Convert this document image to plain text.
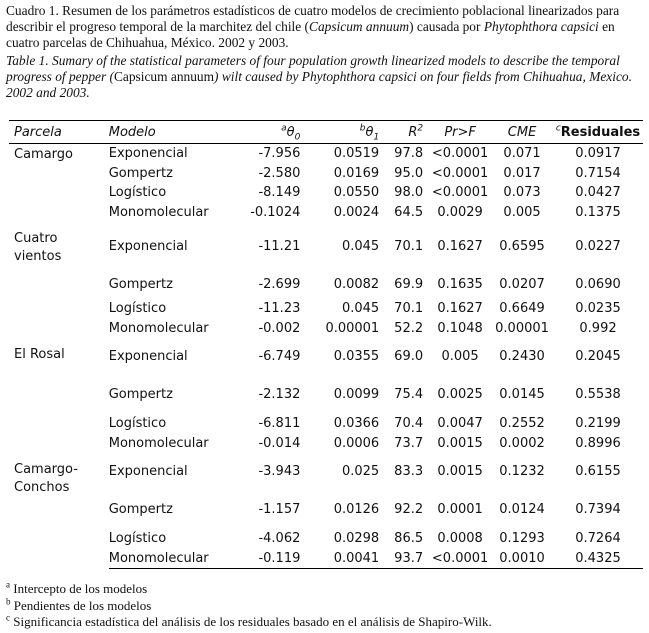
Cuadro 1. Resumen de los parámetros estadísticos de cuatro modelos de crecimiento poblacional linearizados para describir el progreso temporal de la marchitez del chile (Capsicum annuum) causada por Phytophthora capsici en cuatro parcelas de Chihuahua, México. 2002 y 2003.
Table 1. Sumary of the statistical parameters of four population growth linearized models to describe the temporal progress of pepper (Capsicum annuum) wilt caused by Phytophthora capsici on four fields from Chihuahua, Mexico. 2002 and 2003.
Parcela	Modelo	$^a\theta_0$	$^b\theta_1$	$R^2$	Pr>F	CME	$^c$Residuales
Camargo	Exponencial	-7.956	0.0519	97.8	<0.0001	0.071	0.0917
	Gompertz	-2.580	0.0169	95.0	<0.0001	0.017	0.7154
	Logístico	-8.149	0.0550	98.0	<0.0001	0.073	0.0427
	Monomolecular	-0.1024	0.0024	64.5	0.0029	0.005	0.1375
Cuatro vientos	Exponencial	-11.21	0.045	70.1	0.1627	0.6595	0.0227
	Gompertz	-2.699	0.0082	69.9	0.1635	0.0207	0.0690
	Logístico	-11.23	0.045	70.1	0.1627	0.6649	0.0235
	Monomolecular	-0.002	0.00001	52.2	0.1048	0.00001	0.992
El Rosal	Exponencial	-6.749	0.0355	69.0	0.005	0.2430	0.2045
	Gompertz	-2.132	0.0099	75.4	0.0025	0.0145	0.5538
	Logístico	-6.811	0.0366	70.4	0.0047	0.2552	0.2199
	Monomolecular	-0.014	0.0006	73.7	0.0015	0.0002	0.8996
Camargo- Conchos	Exponencial	-3.943	0.025	83.3	0.0015	0.1232	0.6155
	Gompertz	-1.157	0.0126	92.2	0.0001	0.0124	0.7394
	Logístico	-4.062	0.0298	86.5	0.0008	0.1293	0.7264
	Monomolecular	-0.119	0.0041	93.7	<0.0001	0.0010	0.4325
$^a$ Intercepto de los modelos
$^b$ Pendientes de los modelos
$^c$ Significancia estadística del análisis de los residuales basado en el análisis de Shapiro-Wilk.
